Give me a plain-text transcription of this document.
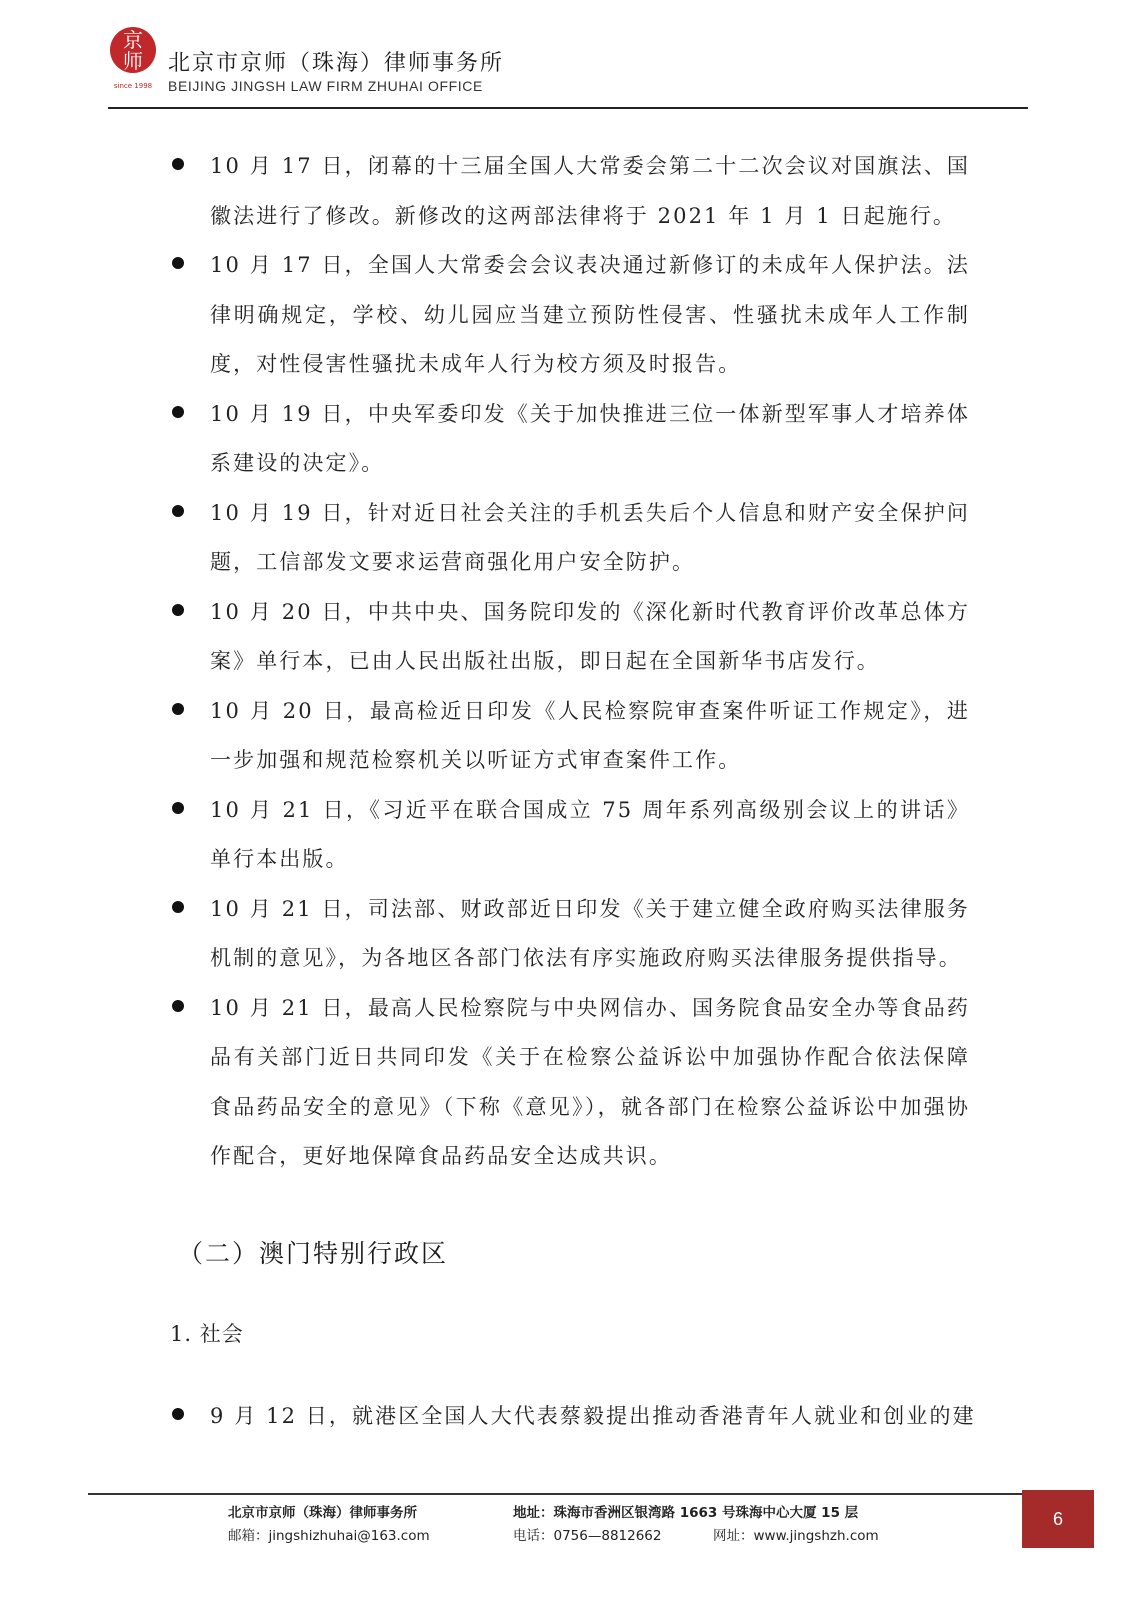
京
师
since 1998
北京市京师（珠海）律师事务所
BEIJING JINGSH LAW FIRM ZHUHAI OFFICE

10 月 17 日，闭幕的十三届全国人大常委会第二十二次会议对国旗法、国徽法进行了修改。新修改的这两部法律将于 2021 年 1 月 1 日起施行。

10 月 17 日，全国人大常委会会议表决通过新修订的未成年人保护法。法律明确规定，学校、幼儿园应当建立预防性侵害、性骚扰未成年人工作制度，对性侵害性骚扰未成年人行为校方须及时报告。

10 月 19 日，中央军委印发《关于加快推进三位一体新型军事人才培养体系建设的决定》。

10 月 19 日，针对近日社会关注的手机丢失后个人信息和财产安全保护问题，工信部发文要求运营商强化用户安全防护。

10 月 20 日，中共中央、国务院印发的《深化新时代教育评价改革总体方案》单行本，已由人民出版社出版，即日起在全国新华书店发行。

10 月 20 日，最高检近日印发《人民检察院审查案件听证工作规定》，进一步加强和规范检察机关以听证方式审查案件工作。

10 月 21 日，《习近平在联合国成立 75 周年系列高级别会议上的讲话》单行本出版。

10 月 21 日，司法部、财政部近日印发《关于建立健全政府购买法律服务机制的意见》，为各地区各部门依法有序实施政府购买法律服务提供指导。

10 月 21 日，最高人民检察院与中央网信办、国务院食品安全办等食品药品有关部门近日共同印发《关于在检察公益诉讼中加强协作配合依法保障食品药品安全的意见》（下称《意见》），就各部门在检察公益诉讼中加强协作配合，更好地保障食品药品安全达成共识。

（二）澳门特别行政区
1. 社会

9 月 12 日，就港区全国人大代表蔡毅提出推动香港青年人就业和创业的建

北京市京师（珠海）律师事务所	地址：珠海市香洲区银湾路 1663 号珠海中心大厦 15 层
邮箱：jingshizhuhai@163.com	电话：0756—8812662	网址：www.jingshzh.com
6
